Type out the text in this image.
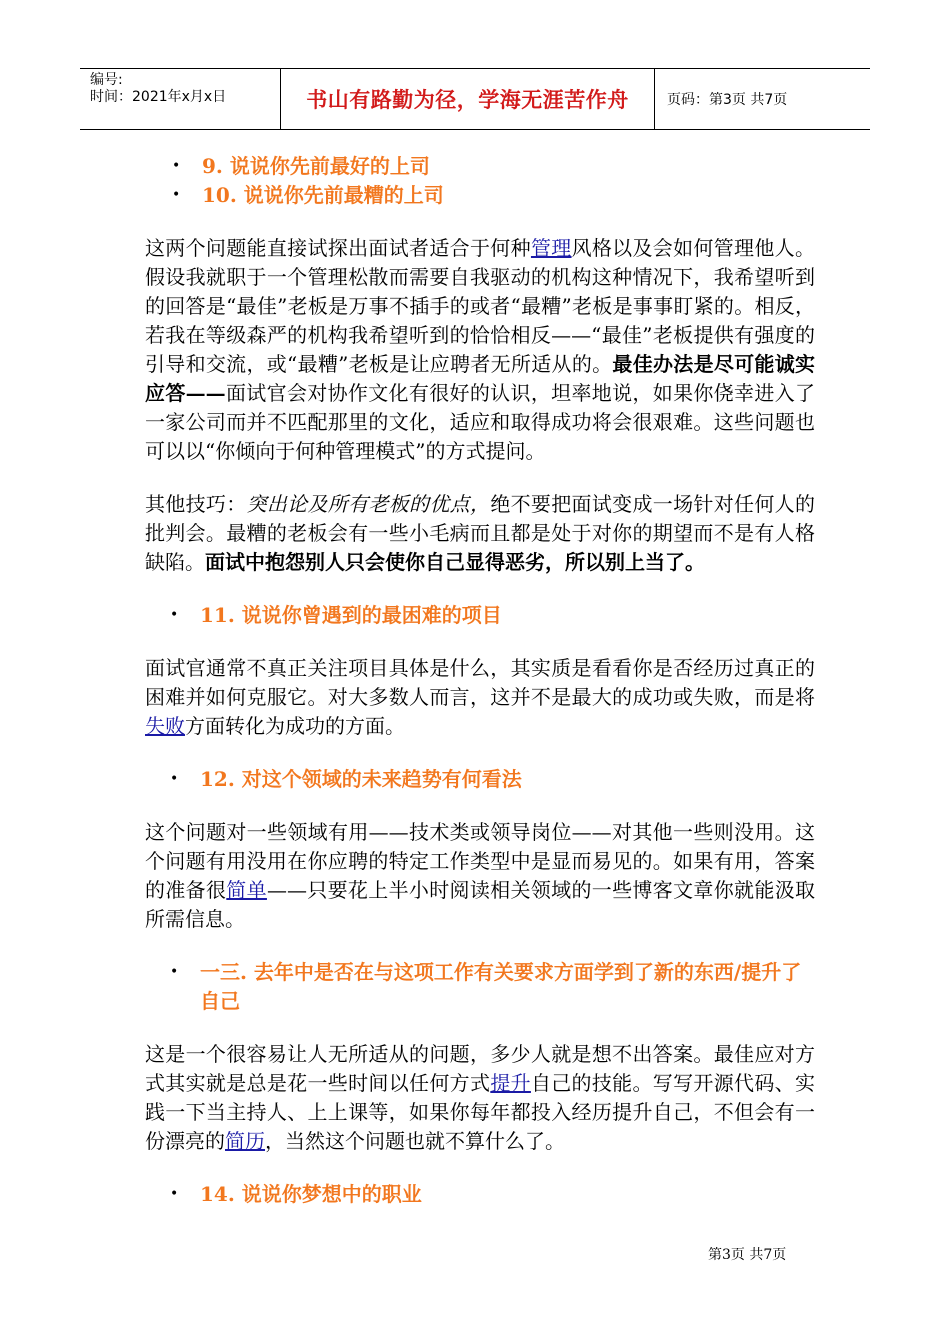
编号:
时间：2021年x月x日	书山有路勤为径，学海无涯苦作舟	页码：第3页 共7页
• 9. 说说你先前最好的上司
• 10. 说说你先前最糟的上司

这两个问题能直接试探出面试者适合于何种管理风格以及会如何管理他人。假设我就职于一个管理松散而需要自我驱动的机构这种情况下，我希望听到的回答是“最佳”老板是万事不插手的或者“最糟”老板是事事盯紧的。相反，若我在等级森严的机构我希望听到的恰恰相反——“最佳”老板提供有强度的引导和交流，或“最糟”老板是让应聘者无所适从的。最佳办法是尽可能诚实应答——面试官会对协作文化有很好的认识，坦率地说，如果你侥幸进入了一家公司而并不匹配那里的文化，适应和取得成功将会很艰难。这些问题也可以以“你倾向于何种管理模式”的方式提问。

其他技巧：突出论及所有老板的优点，绝不要把面试变成一场针对任何人的批判会。最糟的老板会有一些小毛病而且都是处于对你的期望而不是有人格缺陷。面试中抱怨别人只会使你自己显得恶劣，所以别上当了。

• 11. 说说你曾遇到的最困难的项目

面试官通常不真正关注项目具体是什么，其实质是看看你是否经历过真正的困难并如何克服它。对大多数人而言，这并不是最大的成功或失败，而是将失败方面转化为成功的方面。

• 12. 对这个领域的未来趋势有何看法

这个问题对一些领域有用——技术类或领导岗位——对其他一些则没用。这个问题有用没用在你应聘的特定工作类型中是显而易见的。如果有用，答案的准备很简单——只要花上半小时阅读相关领域的一些博客文章你就能汲取所需信息。

• 一三. 去年中是否在与这项工作有关要求方面学到了新的东西/提升了自己

这是一个很容易让人无所适从的问题，多少人就是想不出答案。最佳应对方式其实就是总是花一些时间以任何方式提升自己的技能。写写开源代码、实践一下当主持人、上上课等，如果你每年都投入经历提升自己，不但会有一份漂亮的简历，当然这个问题也就不算什么了。

• 14. 说说你梦想中的职业
第3页 共7页
